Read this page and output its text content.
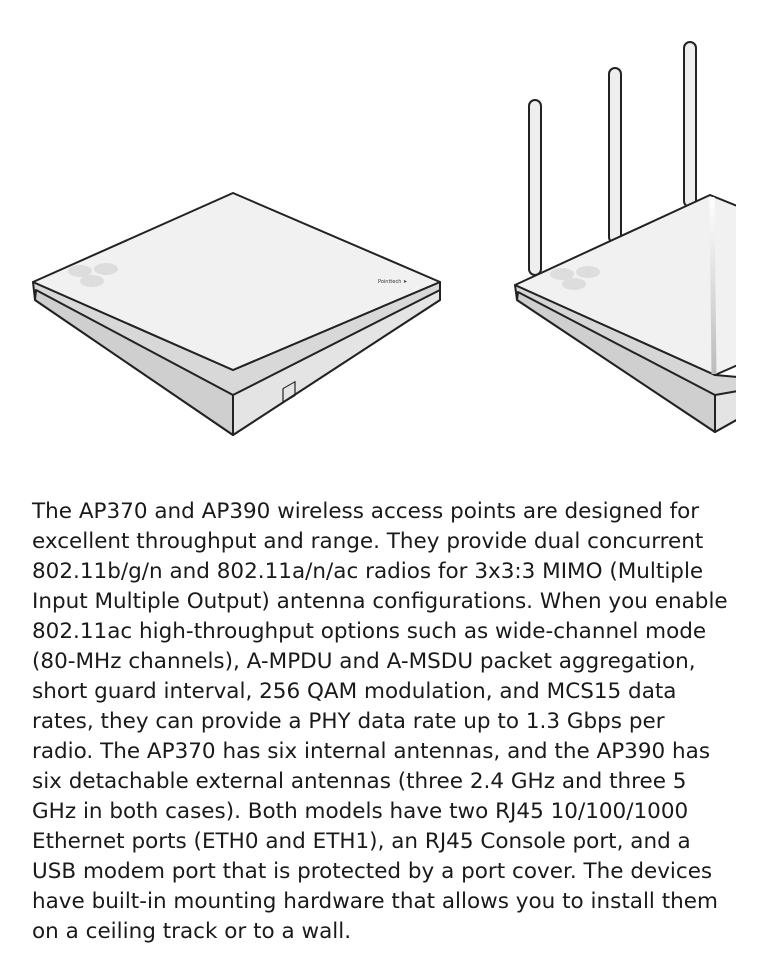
Pointtech ➤
The AP370 and AP390 wireless access points are designed for
excellent throughput and range. They provide dual concurrent
802.11b/g/n and 802.11a/n/ac radios for 3x3:3 MIMO (Multiple
Input Multiple Output) antenna configurations. When you enable
802.11ac high-throughput options such as wide-channel mode
(80-MHz channels), A-MPDU and A-MSDU packet aggregation,
short guard interval, 256 QAM modulation, and MCS15 data
rates, they can provide a PHY data rate up to 1.3 Gbps per
radio. The AP370 has six internal antennas, and the AP390 has
six detachable external antennas (three 2.4 GHz and three 5
GHz in both cases). Both models have two RJ45 10/100/1000
Ethernet ports (ETH0 and ETH1), an RJ45 Console port, and a
USB modem port that is protected by a port cover. The devices
have built-in mounting hardware that allows you to install them
on a ceiling track or to a wall.
